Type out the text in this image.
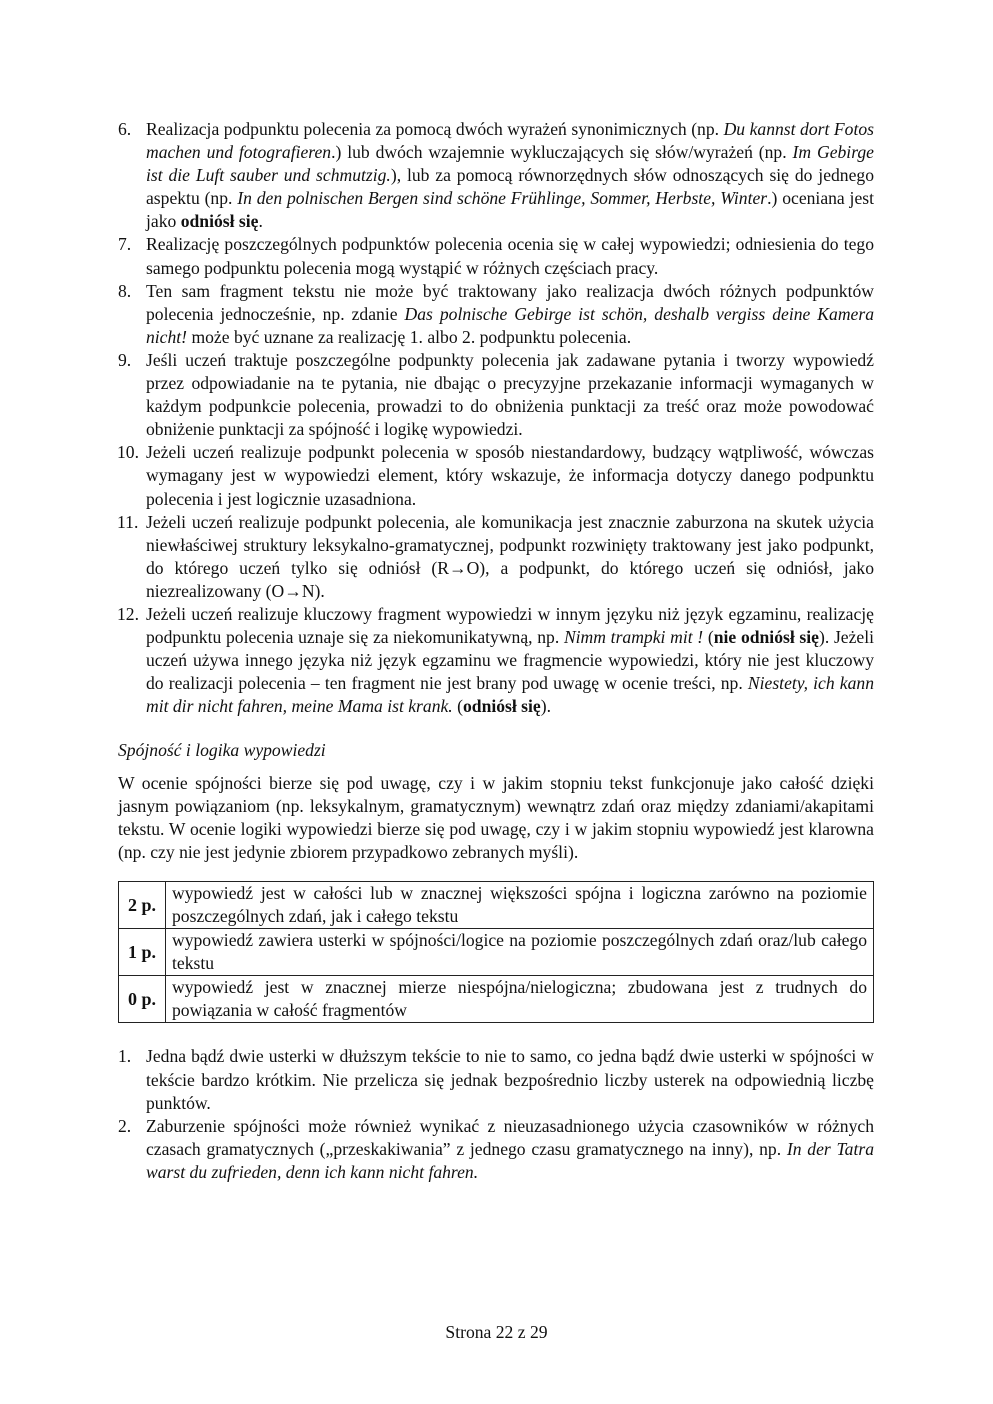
6. Realizacja podpunktu polecenia za pomocą dwóch wyrażeń synonimicznych (np. Du kannst dort Fotos machen und fotografieren.) lub dwóch wzajemnie wykluczających się słów/wyrażeń (np. Im Gebirge ist die Luft sauber und schmutzig.), lub za pomocą równorzędnych słów odnoszących się do jednego aspektu (np. In den polnischen Bergen sind schöne Frühlinge, Sommer, Herbste, Winter.) oceniana jest jako odniósł się.
7. Realizację poszczególnych podpunktów polecenia ocenia się w całej wypowiedzi; odniesienia do tego samego podpunktu polecenia mogą wystąpić w różnych częściach pracy.
8. Ten sam fragment tekstu nie może być traktowany jako realizacja dwóch różnych podpunktów polecenia jednocześnie, np. zdanie Das polnische Gebirge ist schön, deshalb vergiss deine Kamera nicht! może być uznane za realizację 1. albo 2. podpunktu polecenia.
9. Jeśli uczeń traktuje poszczególne podpunkty polecenia jak zadawane pytania i tworzy wypowiedź przez odpowiadanie na te pytania, nie dbając o precyzyjne przekazanie informacji wymaganych w każdym podpunkcie polecenia, prowadzi to do obniżenia punktacji za treść oraz może powodować obniżenie punktacji za spójność i logikę wypowiedzi.
10. Jeżeli uczeń realizuje podpunkt polecenia w sposób niestandardowy, budzący wątpliwość, wówczas wymagany jest w wypowiedzi element, który wskazuje, że informacja dotyczy danego podpunktu polecenia i jest logicznie uzasadniona.
11. Jeżeli uczeń realizuje podpunkt polecenia, ale komunikacja jest znacznie zaburzona na skutek użycia niewłaściwej struktury leksykalno-gramatycznej, podpunkt rozwinięty traktowany jest jako podpunkt, do którego uczeń tylko się odniósł (R→O), a podpunkt, do którego uczeń się odniósł, jako niezrealizowany (O→N).
12. Jeżeli uczeń realizuje kluczowy fragment wypowiedzi w innym języku niż język egzaminu, realizację podpunktu polecenia uznaje się za niekomunikatywną, np. Nimm trampki mit ! (nie odniósł się). Jeżeli uczeń używa innego języka niż język egzaminu we fragmencie wypowiedzi, który nie jest kluczowy do realizacji polecenia – ten fragment nie jest brany pod uwagę w ocenie treści, np. Niestety, ich kann mit dir nicht fahren, meine Mama ist krank. (odniósł się).
Spójność i logika wypowiedzi
W ocenie spójności bierze się pod uwagę, czy i w jakim stopniu tekst funkcjonuje jako całość dzięki jasnym powiązaniom (np. leksykalnym, gramatycznym) wewnątrz zdań oraz między zdaniami/akapitami tekstu. W ocenie logiki wypowiedzi bierze się pod uwagę, czy i w jakim stopniu wypowiedź jest klarowna (np. czy nie jest jedynie zbiorem przypadkowo zebranych myśli).
2 p.	wypowiedź jest w całości lub w znacznej większości spójna i logiczna zarówno na poziomie poszczególnych zdań, jak i całego tekstu
1 p.	wypowiedź zawiera usterki w spójności/logice na poziomie poszczególnych zdań oraz/lub całego tekstu
0 p.	wypowiedź jest w znacznej mierze niespójna/nielogiczna; zbudowana jest z trudnych do powiązania w całość fragmentów
1. Jedna bądź dwie usterki w dłuższym tekście to nie to samo, co jedna bądź dwie usterki w spójności w tekście bardzo krótkim. Nie przelicza się jednak bezpośrednio liczby usterek na odpowiednią liczbę punktów.
2. Zaburzenie spójności może również wynikać z nieuzasadnionego użycia czasowników w różnych czasach gramatycznych („przeskakiwania” z jednego czasu gramatycznego na inny), np. In der Tatra warst du zufrieden, denn ich kann nicht fahren.
Strona 22 z 29
